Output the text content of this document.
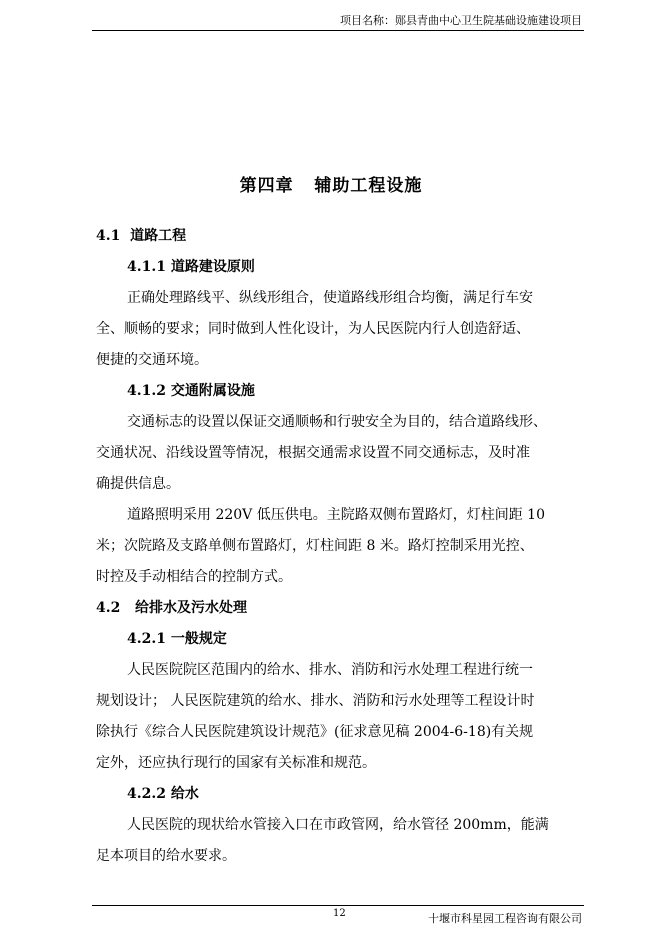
项目名称：郧县青曲中心卫生院基础设施建设项目
第四章   辅助工程设施
4.1  道路工程
4.1.1 道路建设原则
正确处理路线平、纵线形组合，使道路线形组合均衡，满足行车安
全、顺畅的要求；同时做到人性化设计，为人民医院内行人创造舒适、
便捷的交通环境。
4.1.2 交通附属设施
交通标志的设置以保证交通顺畅和行驶安全为目的，结合道路线形、
交通状况、沿线设置等情况，根据交通需求设置不同交通标志，及时准
确提供信息。
道路照明采用 220V 低压供电。主院路双侧布置路灯，灯柱间距 10
米；次院路及支路单侧布置路灯，灯柱间距 8 米。路灯控制采用光控、
时控及手动相结合的控制方式。
4.2   给排水及污水处理
4.2.1 一般规定
人民医院院区范围内的给水、排水、消防和污水处理工程进行统一
规划设计； 人民医院建筑的给水、排水、消防和污水处理等工程设计时
除执行《综合人民医院建筑设计规范》(征求意见稿 2004-6-18)有关规
定外，还应执行现行的国家有关标准和规范。
4.2.2 给水
人民医院的现状给水管接入口在市政管网，给水管径 200mm，能满
足本项目的给水要求。
12	十堰市科星园工程咨询有限公司
